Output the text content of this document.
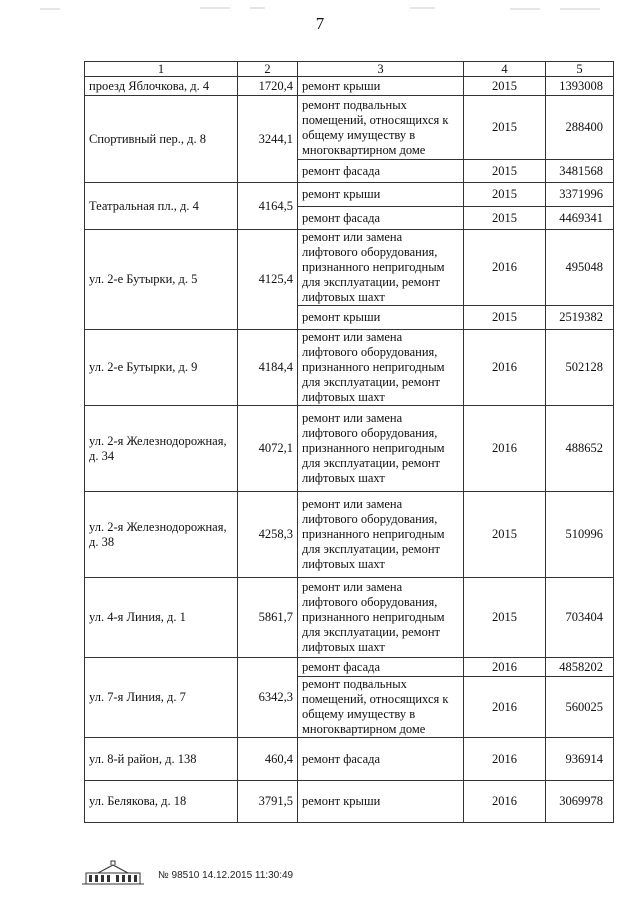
7
1	2	3	4	5
проезд Яблочкова, д. 4	1720,4	ремонт крыши	2015	1393008
Спортивный пер., д. 8	3244,1	ремонт подвальных помещений, относящихся к общему имуществу в многоквартирном доме	2015	288400
		ремонт фасада	2015	3481568
Театральная пл., д. 4	4164,5	ремонт крыши	2015	3371996
		ремонт фасада	2015	4469341
ул. 2-е Бутырки, д. 5	4125,4	ремонт или замена лифтового оборудования, признанного непригодным для эксплуатации, ремонт лифтовых шахт	2016	495048
		ремонт крыши	2015	2519382
ул. 2-е Бутырки, д. 9	4184,4	ремонт или замена лифтового оборудования, признанного непригодным для эксплуатации, ремонт лифтовых шахт	2016	502128
ул. 2-я Железнодорожная, д. 34	4072,1	ремонт или замена лифтового оборудования, признанного непригодным для эксплуатации, ремонт лифтовых шахт	2016	488652
ул. 2-я Железнодорожная, д. 38	4258,3	ремонт или замена лифтового оборудования, признанного непригодным для эксплуатации, ремонт лифтовых шахт	2015	510996
ул. 4-я Линия, д. 1	5861,7	ремонт или замена лифтового оборудования, признанного непригодным для эксплуатации, ремонт лифтовых шахт	2015	703404
ул. 7-я Линия, д. 7	6342,3	ремонт фасада	2016	4858202
		ремонт подвальных помещений, относящихся к общему имуществу в многоквартирном доме	2016	560025
ул. 8-й район, д. 138	460,4	ремонт фасада	2016	936914
ул. Белякова, д. 18	3791,5	ремонт крыши	2016	3069978
№ 98510 14.12.2015 11:30:49
